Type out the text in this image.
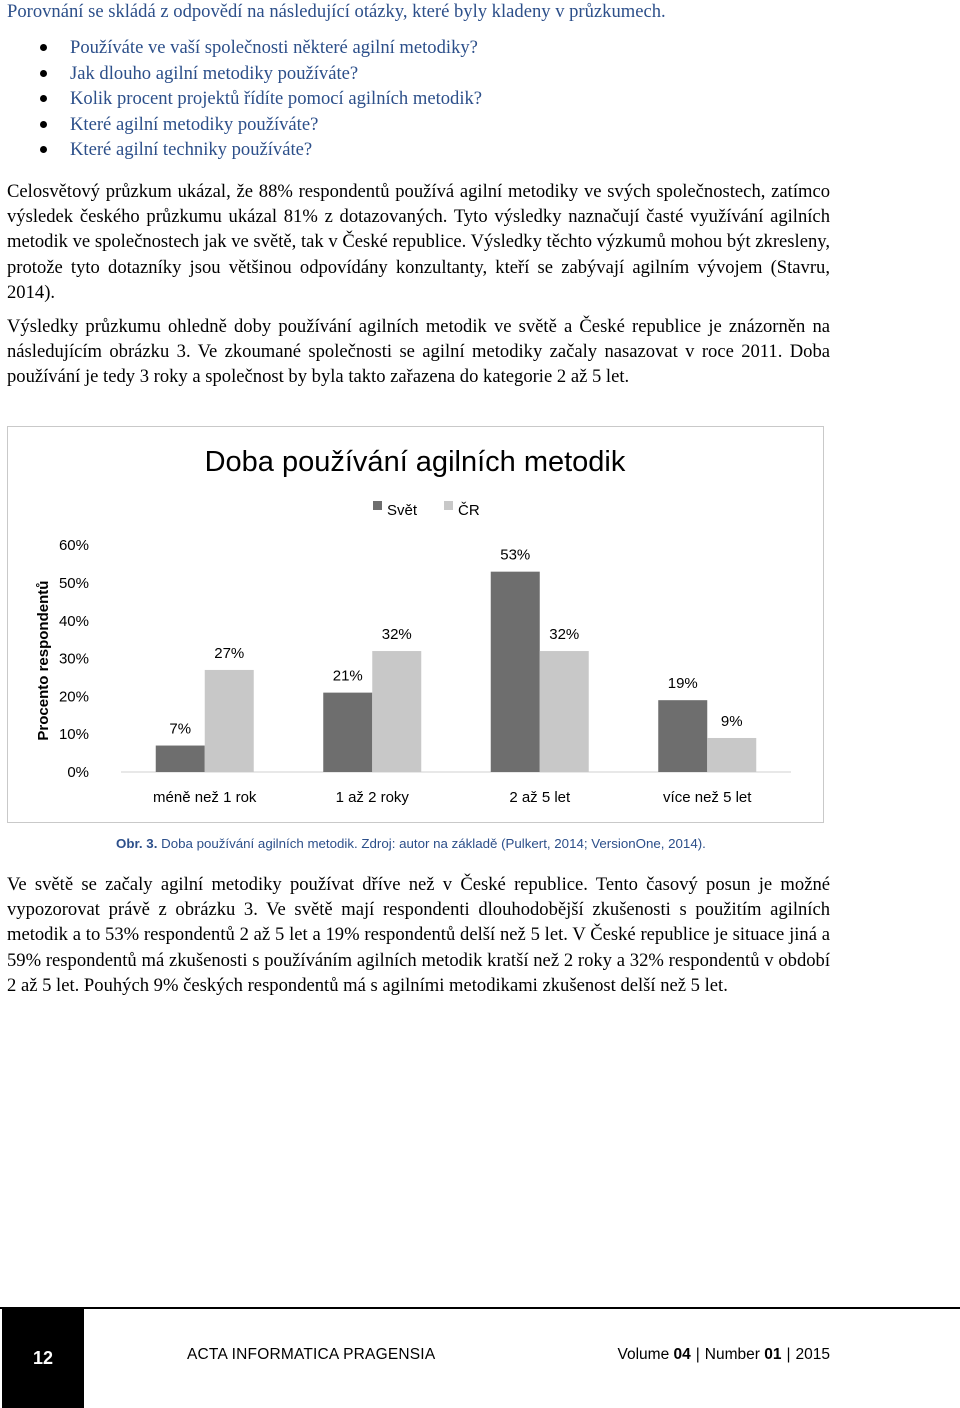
Porovnání se skládá z odpovědí na následující otázky, které byly kladeny v průzkumech.
Používáte ve vaší společnosti některé agilní metodiky?
Jak dlouho agilní metodiky používáte?
Kolik procent projektů řídíte pomocí agilních metodik?
Které agilní metodiky používáte?
Které agilní techniky používáte?
Celosvětový průzkum ukázal, že 88% respondentů používá agilní metodiky ve svých společnostech, zatímco výsledek českého průzkumu ukázal 81% z dotazovaných. Tyto výsledky naznačují časté využívání agilních metodik ve společnostech jak ve světě, tak v České republice. Výsledky těchto výzkumů mohou být zkresleny, protože tyto dotazníky jsou většinou odpovídány konzultanty, kteří se zabývají agilním vývojem (Stavru, 2014).
Výsledky průzkumu ohledně doby používání agilních metodik ve světě a České republice je znázorněn na následujícím obrázku 3. Ve zkoumané společnosti se agilní metodiky začaly nasazovat v roce 2011. Doba používání je tedy 3 roky a společnost by byla takto zařazena do kategorie 2 až 5 let.
Doba používání agilních metodik
Svět	ČR
Procento respondentů
0%
10%
20%
30%
40%
50%
60%
7%
27%
méně než 1 rok
21%
32%
1 až 2 roky
53%
32%
2 až 5 let
19%
9%
více než 5 let
Obr. 3. Doba používání agilních metodik. Zdroj: autor na základě (Pulkert, 2014; VersionOne, 2014).
Ve světě se začaly agilní metodiky používat dříve než v České republice. Tento časový posun je možné vypozorovat právě z obrázku 3. Ve světě mají respondenti dlouhodobější zkušenosti s použitím agilních metodik a to 53% respondentů 2 až 5 let a 19% respondentů delší než 5 let. V České republice je situace jiná a 59% respondentů má zkušenosti s používáním agilních metodik kratší než 2 roky a 32% respondentů v období 2 až 5 let. Pouhých 9% českých respondentů má s agilními metodikami zkušenost delší než 5 let.
12	ACTA INFORMATICA PRAGENSIA	Volume 04 | Number 01 | 2015
